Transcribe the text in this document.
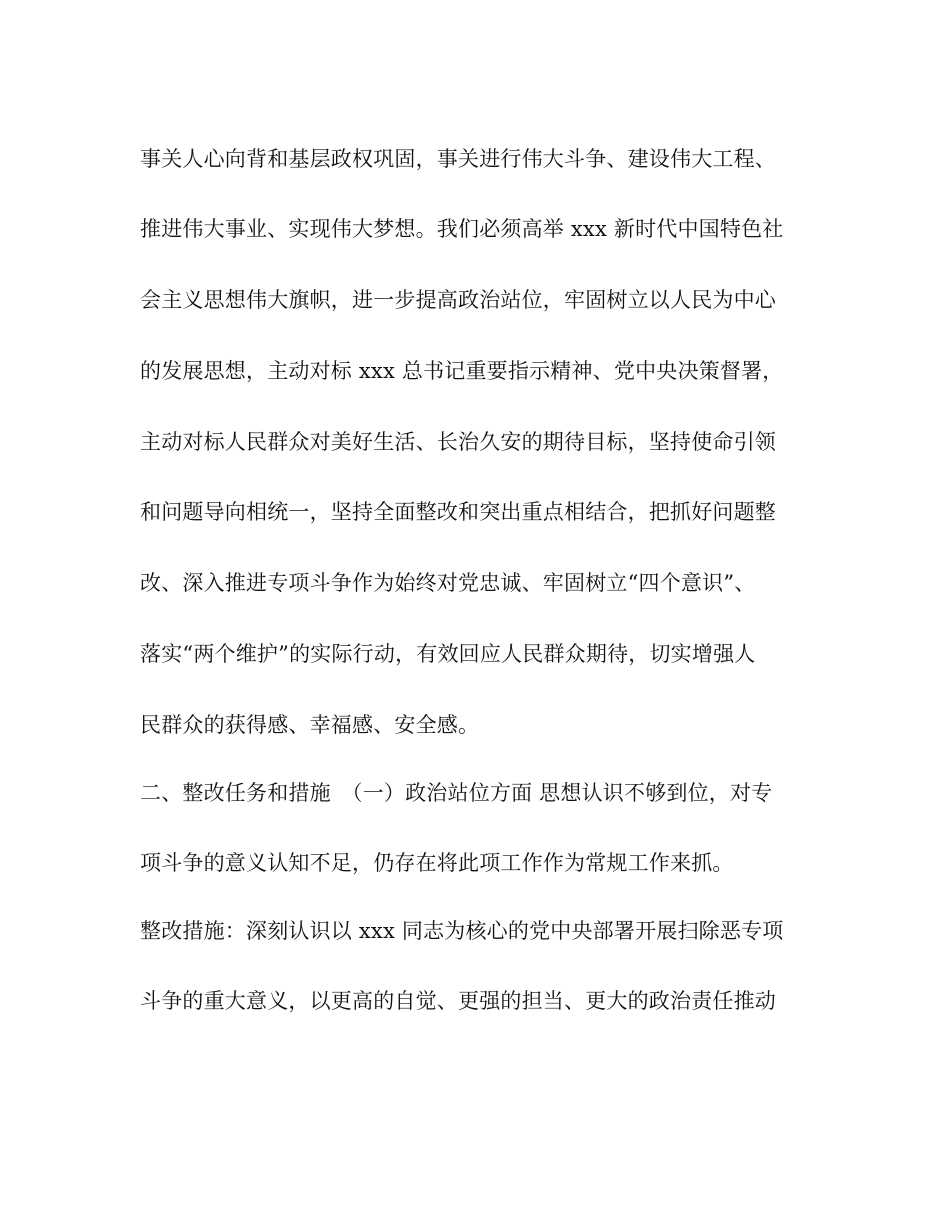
事关人心向背和基层政权巩固，事关进行伟大斗争、建设伟大工程、
推进伟大事业、实现伟大梦想。我们必须高举 xxx 新时代中国特色社
会主义思想伟大旗帜，进一步提高政治站位，牢固树立以人民为中心
的发展思想，主动对标 xxx 总书记重要指示精神、党中央决策督署，
主动对标人民群众对美好生活、长治久安的期待目标，坚持使命引领
和问题导向相统一，坚持全面整改和突出重点相结合，把抓好问题整
改、深入推进专项斗争作为始终对党忠诚、牢固树立“四个意识”、
落实“两个维护”的实际行动，有效回应人民群众期待，切实增强人
民群众的获得感、幸福感、安全感。
二、整改任务和措施　（一）政治站位方面 思想认识不够到位，对专
项斗争的意义认知不足，仍存在将此项工作作为常规工作来抓。
整改措施：深刻认识以 xxx 同志为核心的党中央部署开展扫除恶专项
斗争的重大意义，以更高的自觉、更强的担当、更大的政治责任推动
